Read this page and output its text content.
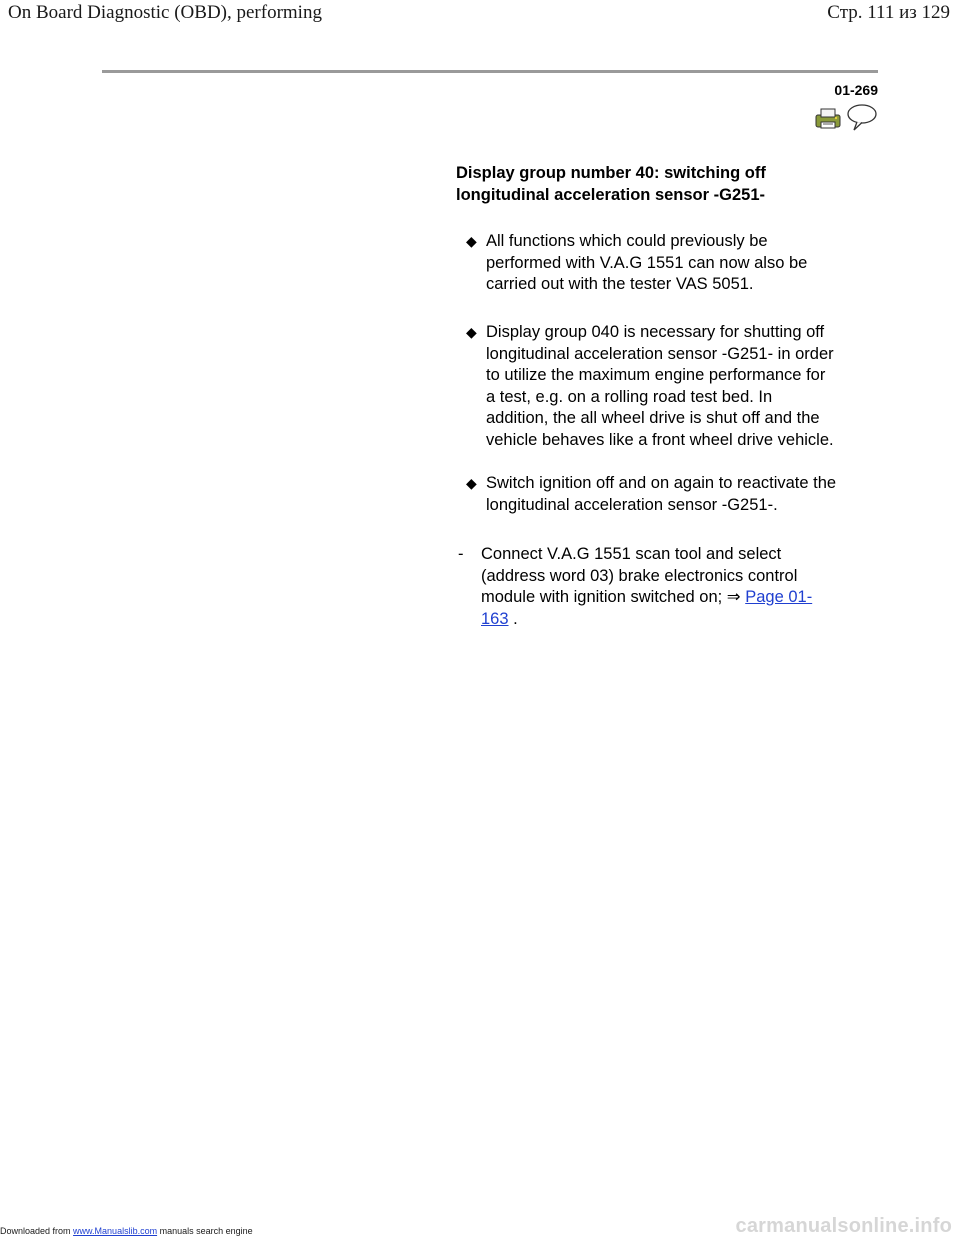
On Board Diagnostic (OBD), performing	Стр. 111 из 129
01-269
Display group number 40: switching off
longitudinal acceleration sensor -G251-
◆ All functions which could previously be
performed with V.A.G 1551 can now also be
carried out with the tester VAS 5051.
◆ Display group 040 is necessary for shutting off
longitudinal acceleration sensor -G251- in order
to utilize the maximum engine performance for
a test, e.g. on a rolling road test bed. In
addition, the all wheel drive is shut off and the
vehicle behaves like a front wheel drive vehicle.
◆ Switch ignition off and on again to reactivate the
longitudinal acceleration sensor -G251-.
- Connect V.A.G 1551 scan tool and select
(address word 03) brake electronics control
module with ignition switched on; ⇒ Page 01-
163 .
Downloaded from www.Manualslib.com manuals search engine	carmanualsonline.info
